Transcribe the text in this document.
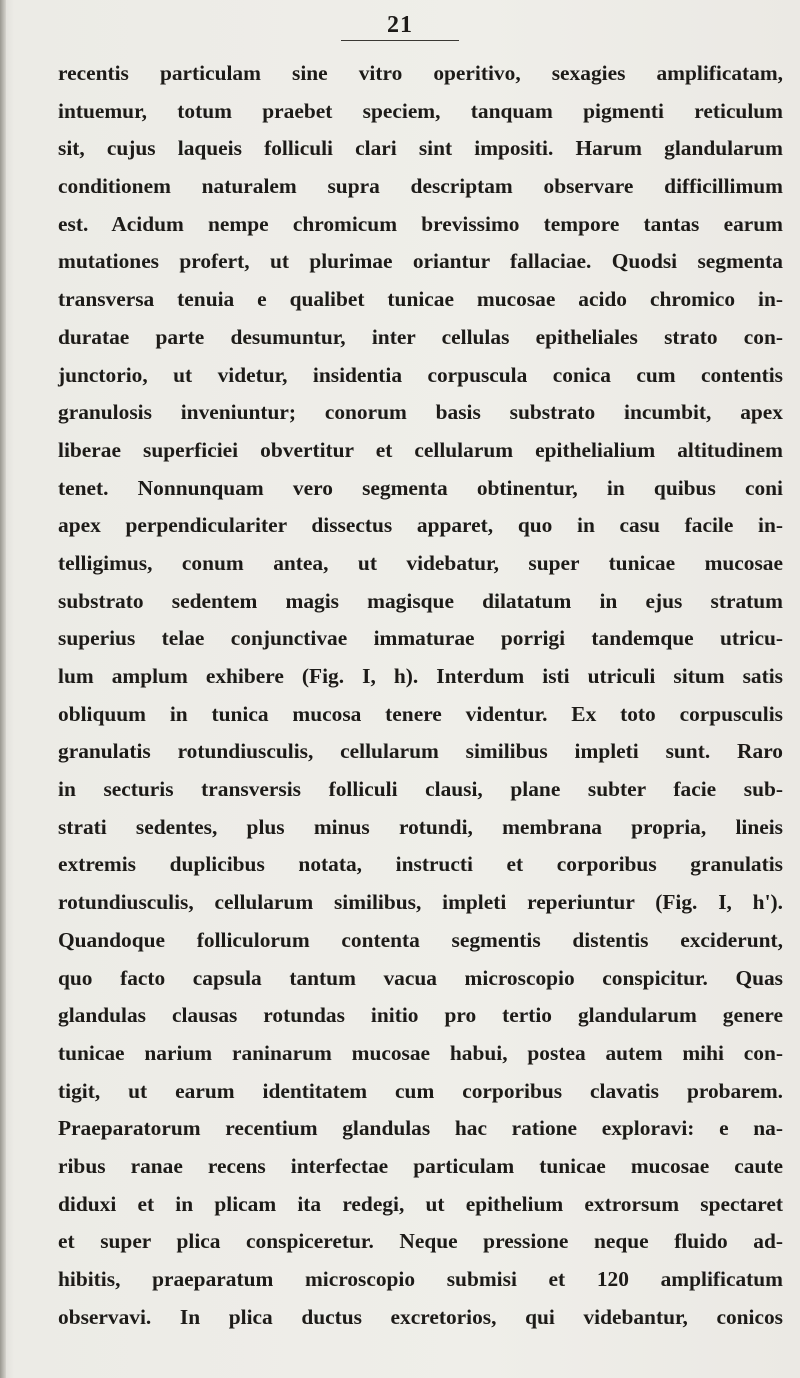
21
recentis particulam sine vitro operitivo, sexagies amplificatam,
intuemur, totum praebet speciem, tanquam pigmenti reticulum
sit, cujus laqueis folliculi clari sint impositi. Harum glandularum
conditionem naturalem supra descriptam observare difficillimum
est. Acidum nempe chromicum brevissimo tempore tantas earum
mutationes profert, ut plurimae oriantur fallaciae. Quodsi segmenta
transversa tenuia e qualibet tunicae mucosae acido chromico in-
duratae parte desumuntur, inter cellulas epitheliales strato con-
junctorio, ut videtur, insidentia corpuscula conica cum contentis
granulosis inveniuntur; conorum basis substrato incumbit, apex
liberae superficiei obvertitur et cellularum epithelialium altitudinem
tenet. Nonnunquam vero segmenta obtinentur, in quibus coni
apex perpendiculariter dissectus apparet, quo in casu facile in-
telligimus, conum antea, ut videbatur, super tunicae mucosae
substrato sedentem magis magisque dilatatum in ejus stratum
superius telae conjunctivae immaturae porrigi tandemque utricu-
lum amplum exhibere (Fig. I, h). Interdum isti utriculi situm satis
obliquum in tunica mucosa tenere videntur. Ex toto corpusculis
granulatis rotundiusculis, cellularum similibus impleti sunt. Raro
in secturis transversis folliculi clausi, plane subter facie sub-
strati sedentes, plus minus rotundi, membrana propria, lineis
extremis duplicibus notata, instructi et corporibus granulatis
rotundiusculis, cellularum similibus, impleti reperiuntur (Fig. I, h').
Quandoque folliculorum contenta segmentis distentis exciderunt,
quo facto capsula tantum vacua microscopio conspicitur. Quas
glandulas clausas rotundas initio pro tertio glandularum genere
tunicae narium raninarum mucosae habui, postea autem mihi con-
tigit, ut earum identitatem cum corporibus clavatis probarem.
Praeparatorum recentium glandulas hac ratione exploravi: e na-
ribus ranae recens interfectae particulam tunicae mucosae caute
diduxi et in plicam ita redegi, ut epithelium extrorsum spectaret
et super plica conspiceretur. Neque pressione neque fluido ad-
hibitis, praeparatum microscopio submisi et 120 amplificatum
observavi. In plica ductus excretorios, qui videbantur, conicos
